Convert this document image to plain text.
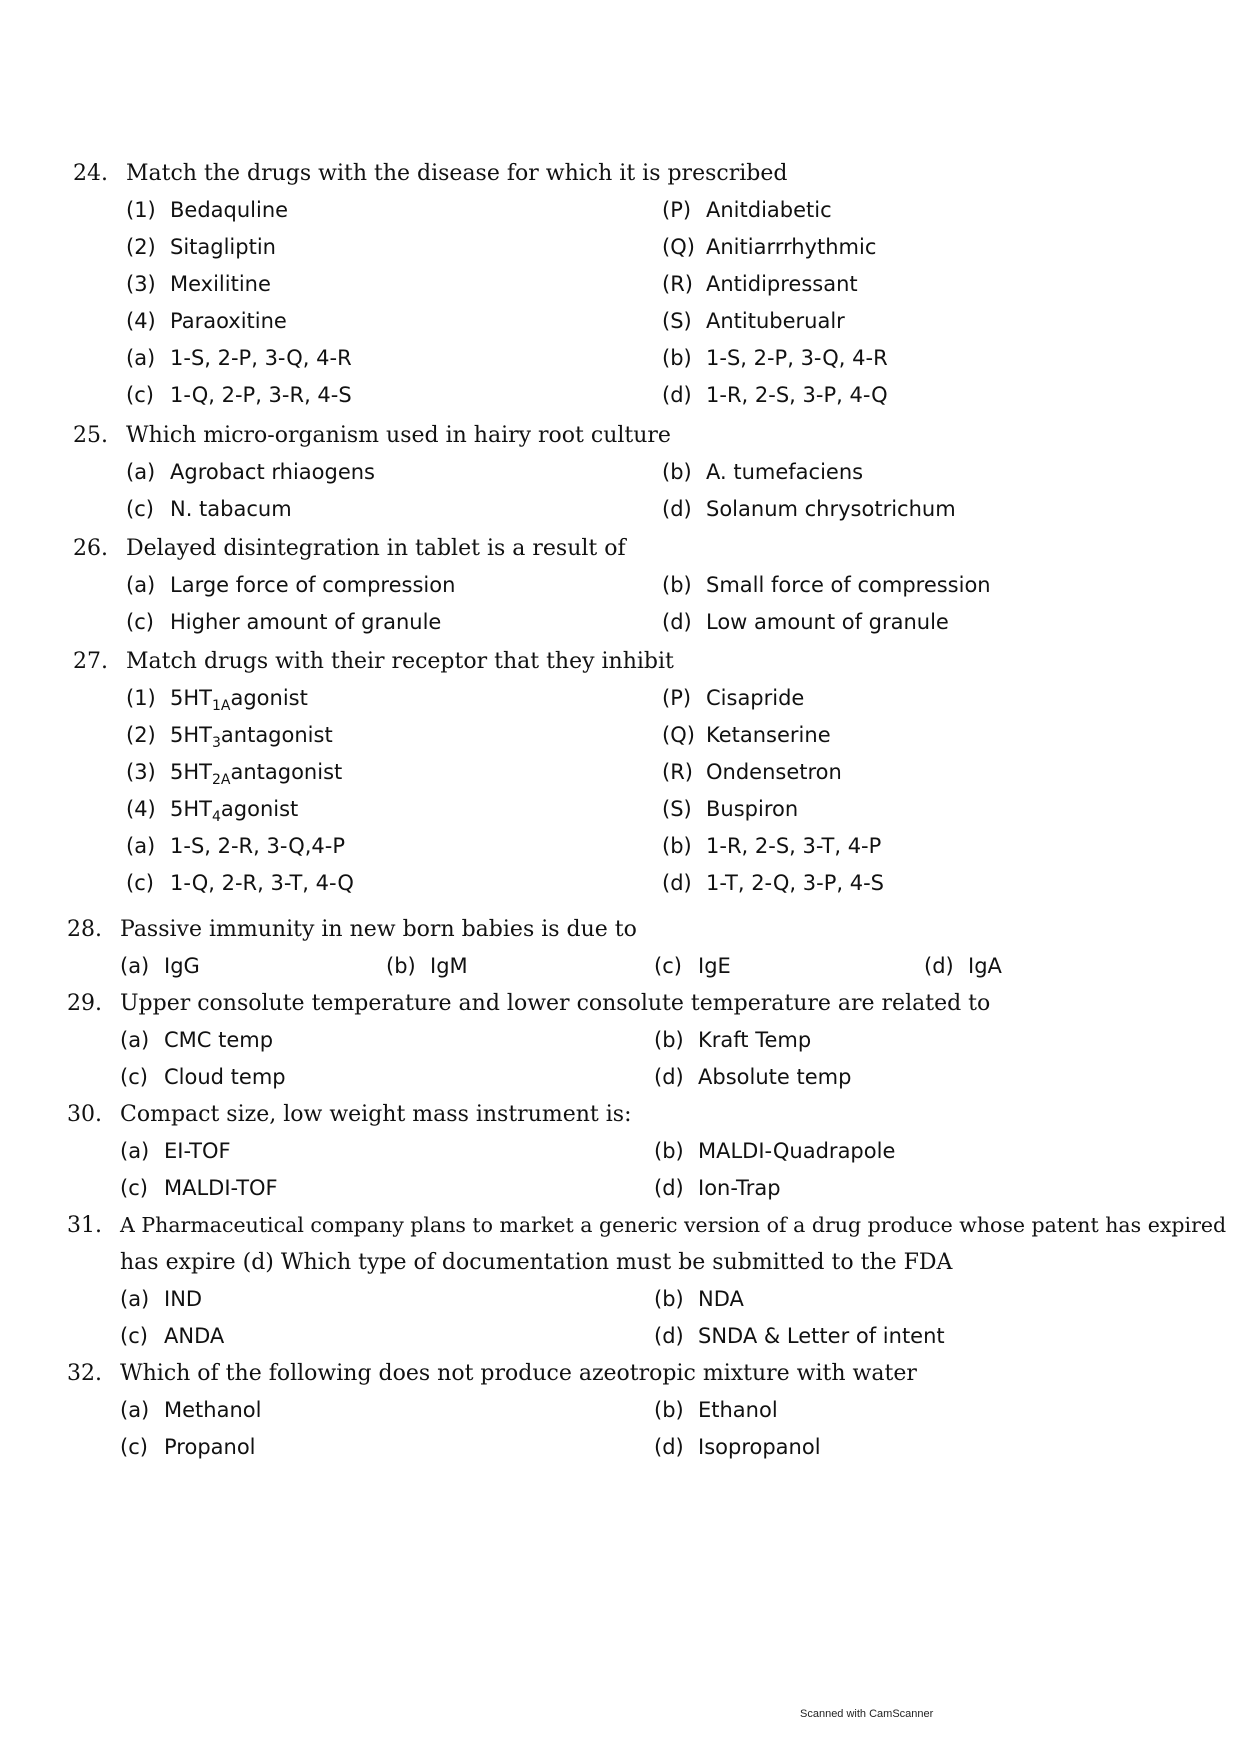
24. Match the drugs with the disease for which it is prescribed
(1) Bedaquline	(P) Anitdiabetic
(2) Sitagliptin	(Q) Anitiarrrhythmic
(3) Mexilitine	(R) Antidipressant
(4) Paraoxitine	(S) Antituberualr
(a) 1-S, 2-P, 3-Q, 4-R	(b) 1-S, 2-P, 3-Q, 4-R
(c) 1-Q, 2-P, 3-R, 4-S	(d) 1-R, 2-S, 3-P, 4-Q
25. Which micro-organism used in hairy root culture
(a) Agrobact rhiaogens	(b) A. tumefaciens
(c) N. tabacum	(d) Solanum chrysotrichum
26. Delayed disintegration in tablet is a result of
(a) Large force of compression	(b) Small force of compression
(c) Higher amount of granule	(d) Low amount of granule
27. Match drugs with their receptor that they inhibit
(1) $5HT_{1A}agonist$	(P) Cisapride
(2) $5HT_3antagonist$	(Q) Ketanserine
(3) $5HT_{2A}antagonist$	(R) Ondensetron
(4) $5HT_4agonist$	(S) Buspiron
(a) 1-S, 2-R, 3-Q,4-P	(b) 1-R, 2-S, 3-T, 4-P
(c) 1-Q, 2-R, 3-T, 4-Q	(d) 1-T, 2-Q, 3-P, 4-S
28. Passive immunity in new born babies is due to
(a) IgG	(b) IgM	(c) IgE	(d) IgA
29. Upper consolute temperature and lower consolute temperature are related to
(a) CMC temp	(b) Kraft Temp
(c) Cloud temp	(d) Absolute temp
30. Compact size, low weight mass instrument is:
(a) EI-TOF	(b) MALDI-Quadrapole
(c) MALDI-TOF	(d) Ion-Trap
31. A Pharmaceutical company plans to market a generic version of a drug produce whose patent has expired
has expire (d) Which type of documentation must be submitted to the FDA
(a) IND	(b) NDA
(c) ANDA	(d) SNDA & Letter of intent
32. Which of the following does not produce azeotropic mixture with water
(a) Methanol	(b) Ethanol
(c) Propanol	(d) Isopropanol
Scanned with CamScanner
